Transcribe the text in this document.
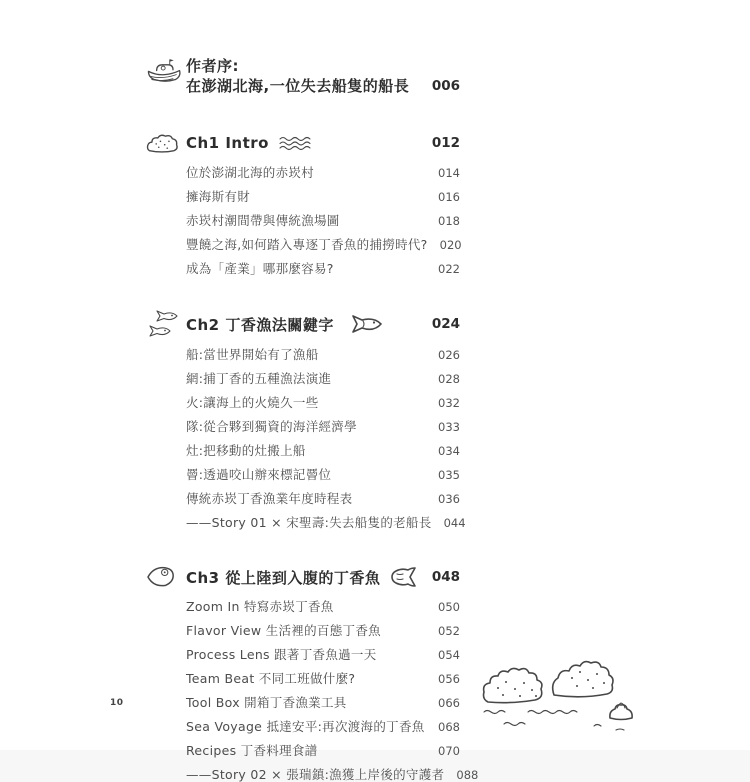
作者序:
在澎湖北海,一位失去船隻的船長	006
Ch1 Intro	012
位於澎湖北海的赤崁村	014
擁海斯有財	016
赤崁村潮間帶與傳統漁場圖	018
豐饒之海,如何踏入專逐丁香魚的捕撈時代?	020
成為「產業」哪那麼容易?	022
Ch2 丁香漁法關鍵字	024
船:當世界開始有了漁船	026
網:捕丁香的五種漁法演進	028
火:讓海上的火燒久一些	032
隊:從合夥到獨資的海洋經濟學	033
灶:把移動的灶搬上船	034
罾:透過咬山辦來標記罾位	035
傳統赤崁丁香漁業年度時程表	036
——Story 01 × 宋聖壽:失去船隻的老船長	044
Ch3 從上陸到入腹的丁香魚	048
Zoom In 特寫赤崁丁香魚	050
Flavor View 生活裡的百態丁香魚	052
Process Lens 跟著丁香魚過一天	054
Team Beat 不同工班做什麼?	056
Tool Box 開箱丁香漁業工具	066
Sea Voyage 抵達安平:再次渡海的丁香魚	068
Recipes 丁香料理食譜	070
——Story 02 × 張瑞鎮:漁獲上岸後的守護者	088
10
